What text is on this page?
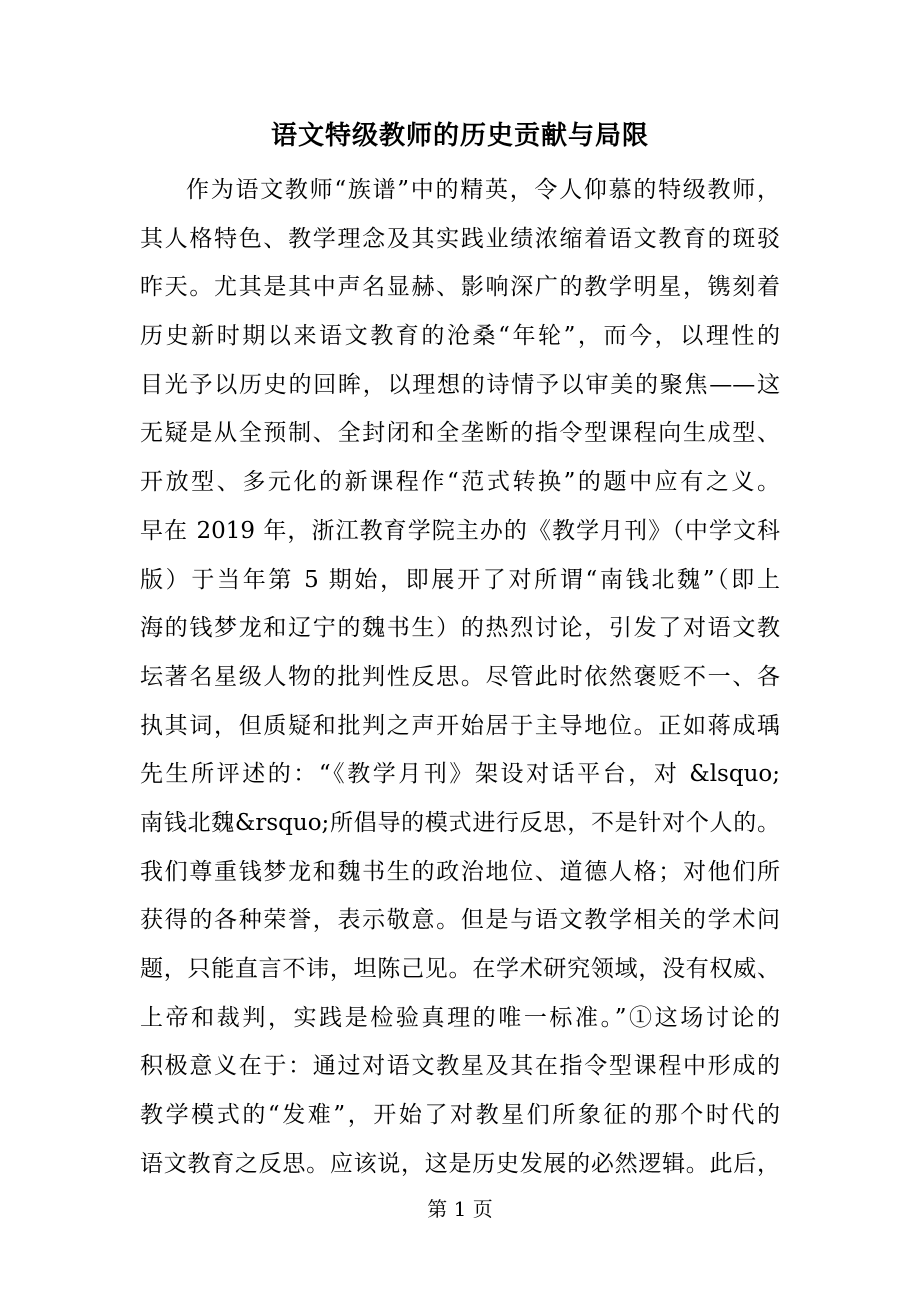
语文特级教师的历史贡献与局限
作为语文教师“族谱”中的精英，令人仰慕的特级教师，
其人格特色、教学理念及其实践业绩浓缩着语文教育的斑驳
昨天。尤其是其中声名显赫、影响深广的教学明星，镌刻着
历史新时期以来语文教育的沧桑“年轮”，而今，以理性的
目光予以历史的回眸，以理想的诗情予以审美的聚焦——这
无疑是从全预制、全封闭和全垄断的指令型课程向生成型、
开放型、多元化的新课程作“范式转换”的题中应有之义。
早在 2019 年，浙江教育学院主办的《教学月刊》（中学文科
版）于当年第 5 期始，即展开了对所谓“南钱北魏”（即上
海的钱梦龙和辽宁的魏书生）的热烈讨论，引发了对语文教
坛著名星级人物的批判性反思。尽管此时依然褒贬不一、各
执其词，但质疑和批判之声开始居于主导地位。正如蒋成瑀
先生所评述的：“《教学月刊》架设对话平台，对 &lsquo;
南钱北魏&rsquo;所倡导的模式进行反思，不是针对个人的。
我们尊重钱梦龙和魏书生的政治地位、道德人格；对他们所
获得的各种荣誉，表示敬意。但是与语文教学相关的学术问
题，只能直言不讳，坦陈己见。在学术研究领域，没有权威、
上帝和裁判，实践是检验真理的唯一标准。”①这场讨论的
积极意义在于：通过对语文教星及其在指令型课程中形成的
教学模式的“发难”，开始了对教星们所象征的那个时代的
语文教育之反思。应该说，这是历史发展的必然逻辑。此后，
第 1 页
